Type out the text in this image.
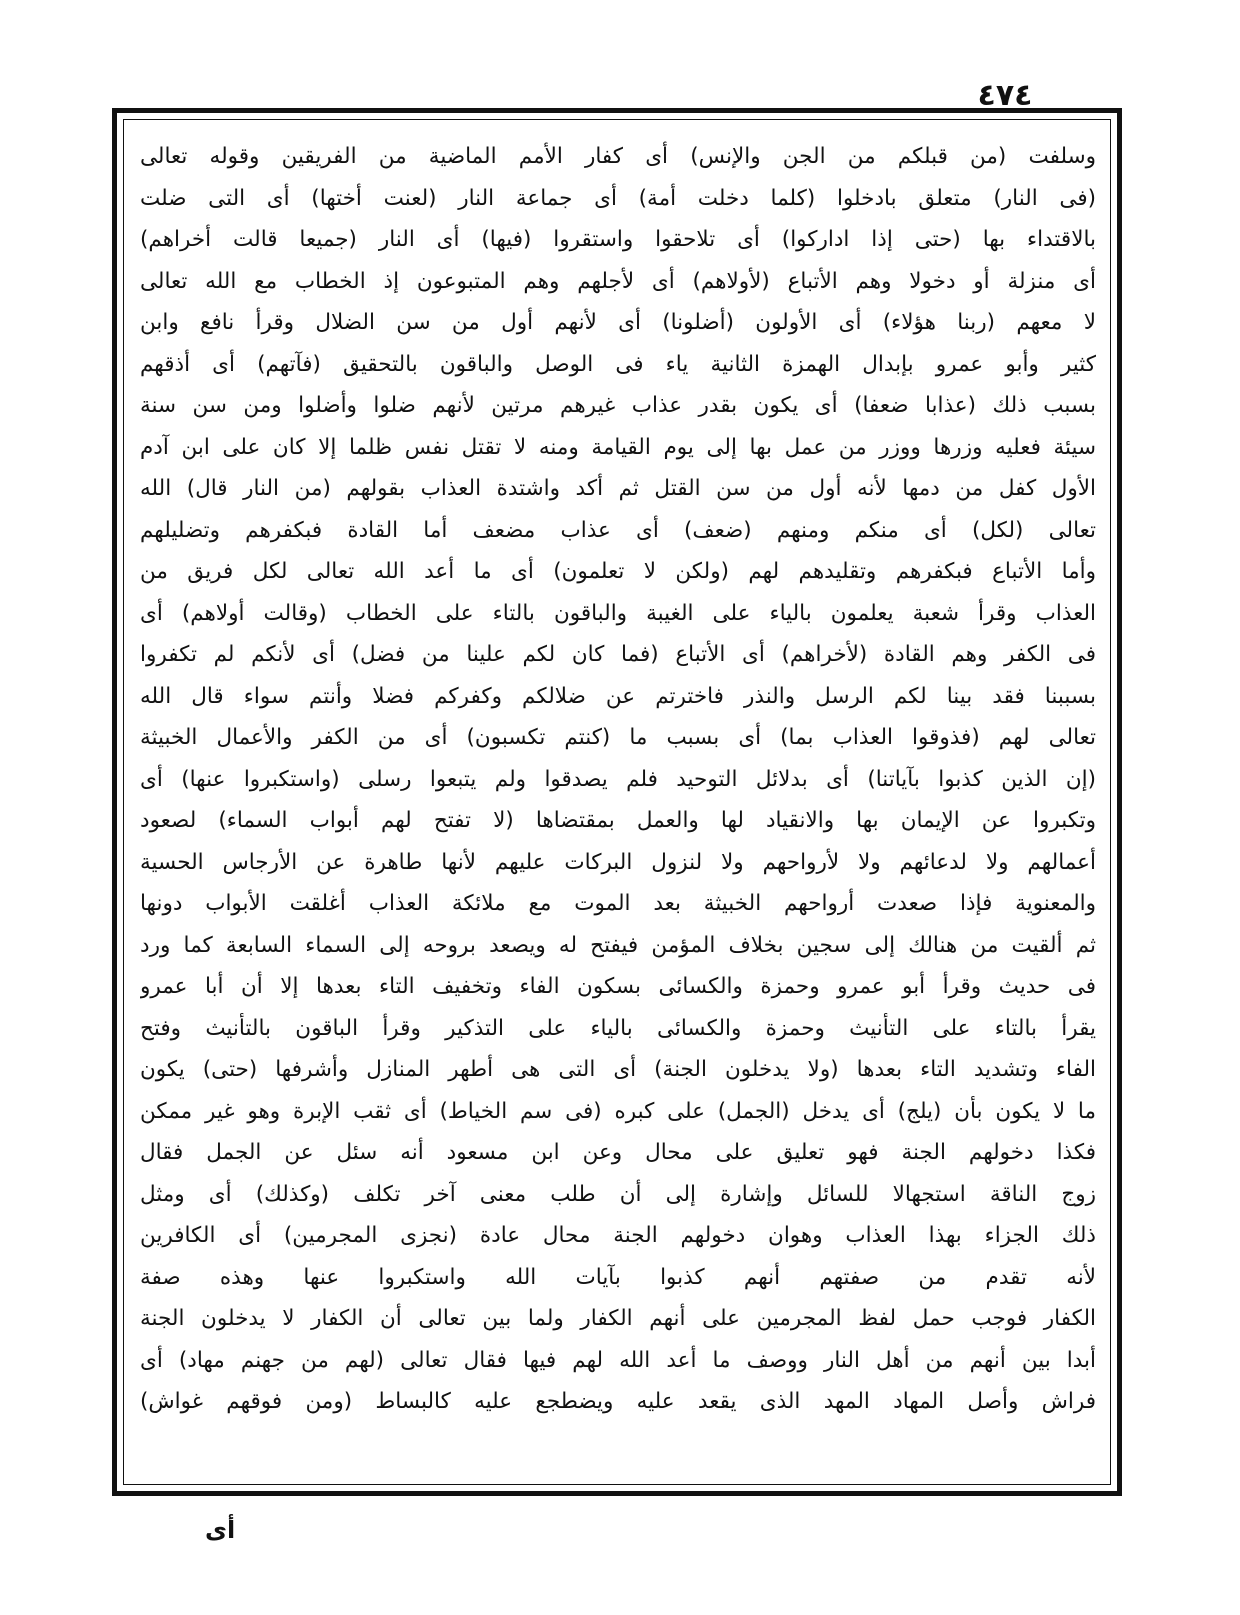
٤٧٤
وسلفت (من قبلكم من الجن والإنس) أى كفار الأمم الماضية من الفريقين وقوله تعالى
(فى النار) متعلق بادخلوا (كلما دخلت أمة) أى جماعة النار (لعنت أختها) أى التى ضلت
بالاقتداء بها (حتى إذا اداركوا) أى تلاحقوا واستقروا (فيها) أى النار (جميعا قالت أخراهم)
أى منزلة أو دخولا وهم الأتباع (لأولاهم) أى لأجلهم وهم المتبوعون إذ الخطاب مع الله تعالى
لا معهم (ربنا هؤلاء) أى الأولون (أضلونا) أى لأنهم أول من سن الضلال وقرأ نافع وابن
كثير وأبو عمرو بإبدال الهمزة الثانية ياء فى الوصل والباقون بالتحقيق (فآتهم) أى أذقهم
بسبب ذلك (عذابا ضعفا) أى يكون بقدر عذاب غيرهم مرتين لأنهم ضلوا وأضلوا ومن سن سنة
سيئة فعليه وزرها ووزر من عمل بها إلى يوم القيامة ومنه لا تقتل نفس ظلما إلا كان على ابن آدم
الأول كفل من دمها لأنه أول من سن القتل ثم أكد واشتدة العذاب بقولهم (من النار قال) الله
تعالى (لكل) أى منكم ومنهم (ضعف) أى عذاب مضعف أما القادة فبكفرهم وتضليلهم
وأما الأتباع فبكفرهم وتقليدهم لهم (ولكن لا تعلمون) أى ما أعد الله تعالى لكل فريق من
العذاب وقرأ شعبة يعلمون بالياء على الغيبة والباقون بالتاء على الخطاب (وقالت أولاهم) أى
فى الكفر وهم القادة (لأخراهم) أى الأتباع (فما كان لكم علينا من فضل) أى لأنكم لم تكفروا
بسببنا فقد بينا لكم الرسل والنذر فاخترتم عن ضلالكم وكفركم فضلا وأنتم سواء قال الله
تعالى لهم (فذوقوا العذاب بما) أى بسبب ما (كنتم تكسبون) أى من الكفر والأعمال الخبيثة
(إن الذين كذبوا بآياتنا) أى بدلائل التوحيد فلم يصدقوا ولم يتبعوا رسلى (واستكبروا عنها) أى
وتكبروا عن الإيمان بها والانقياد لها والعمل بمقتضاها (لا تفتح لهم أبواب السماء) لصعود
أعمالهم ولا لدعائهم ولا لأرواحهم ولا لنزول البركات عليهم لأنها طاهرة عن الأرجاس الحسية
والمعنوية فإذا صعدت أرواحهم الخبيثة بعد الموت مع ملائكة العذاب أغلقت الأبواب دونها
ثم ألقيت من هنالك إلى سجين بخلاف المؤمن فيفتح له ويصعد بروحه إلى السماء السابعة كما ورد
فى حديث وقرأ أبو عمرو وحمزة والكسائى بسكون الفاء وتخفيف التاء بعدها إلا أن أبا عمرو
يقرأ بالتاء على التأنيث وحمزة والكسائى بالياء على التذكير وقرأ الباقون بالتأنيث وفتح
الفاء وتشديد التاء بعدها (ولا يدخلون الجنة) أى التى هى أطهر المنازل وأشرفها (حتى) يكون
ما لا يكون بأن (يلج) أى يدخل (الجمل) على كبره (فى سم الخياط) أى ثقب الإبرة وهو غير ممكن
فكذا دخولهم الجنة فهو تعليق على محال وعن ابن مسعود أنه سئل عن الجمل فقال
زوج الناقة استجهالا للسائل وإشارة إلى أن طلب معنى آخر تكلف (وكذلك) أى ومثل
ذلك الجزاء بهذا العذاب وهوان دخولهم الجنة محال عادة (نجزى المجرمين) أى الكافرين
لأنه تقدم من صفتهم أنهم كذبوا بآيات الله واستكبروا عنها وهذه صفة
الكفار فوجب حمل لفظ المجرمين على أنهم الكفار ولما بين تعالى أن الكفار لا يدخلون الجنة
أبدا بين أنهم من أهل النار ووصف ما أعد الله لهم فيها فقال تعالى (لهم من جهنم مهاد) أى
فراش وأصل المهاد المهد الذى يقعد عليه ويضطجع عليه كالبساط (ومن فوقهم غواش)
أى
